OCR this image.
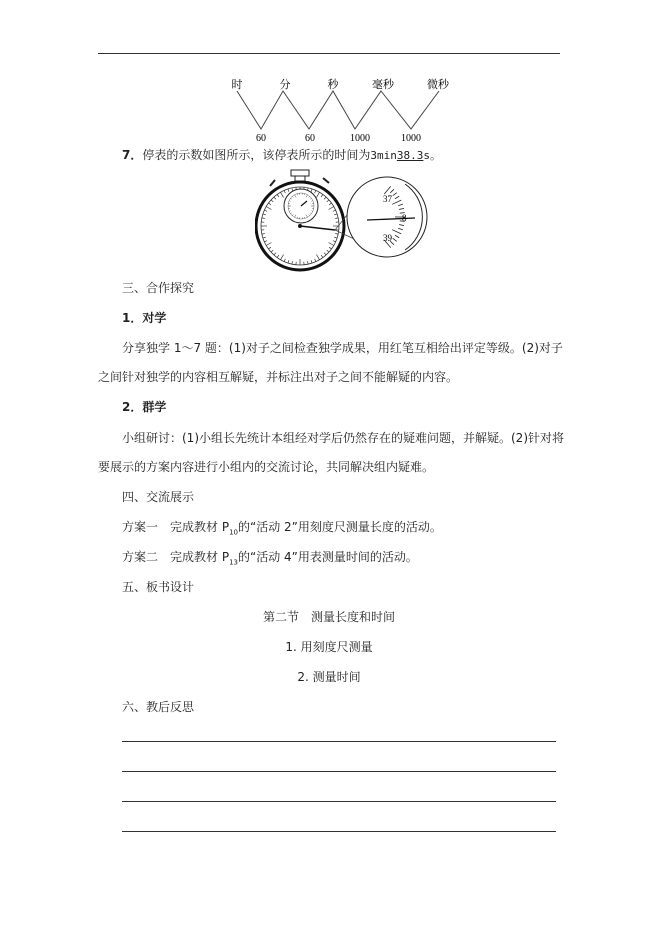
时	分	秒	毫秒	微秒
60	60	1000	1000
7．停表的示数如图所示，该停表所示的时间为3min38.3s。
37
8
39
三、合作探究
1．对学
分享独学 1～7 题：(1)对子之间检查独学成果，用红笔互相给出评定等级。(2)对子
之间针对独学的内容相互解疑，并标注出对子之间不能解疑的内容。
2．群学
小组研讨：(1)小组长先统计本组经对学后仍然存在的疑难问题，并解疑。(2)针对将
要展示的方案内容进行小组内的交流讨论，共同解决组内疑难。
四、交流展示
方案一　完成教材 $P_{10}$的“活动 2”用刻度尺测量长度的活动。
方案二　完成教材 $P_{13}$的“活动 4”用表测量时间的活动。
五、板书设计
第二节　测量长度和时间
1. 用刻度尺测量
2. 测量时间
六、教后反思
